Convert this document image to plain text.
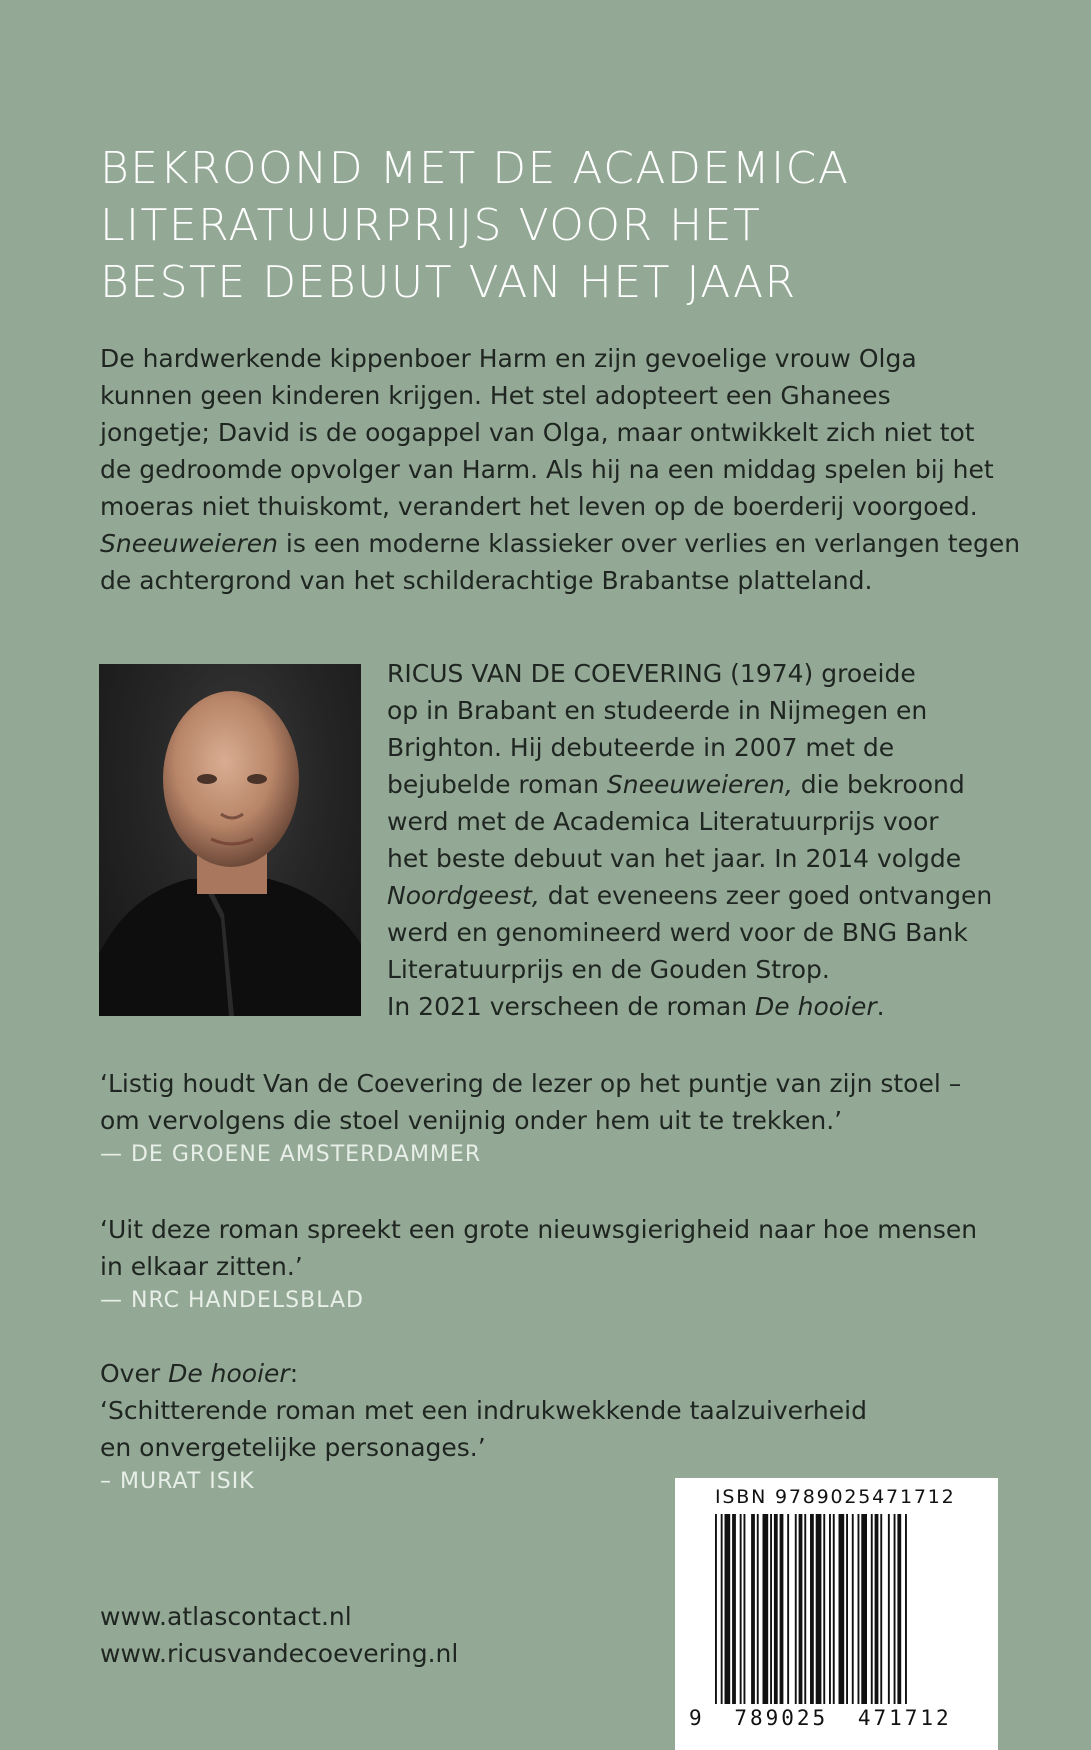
BEKROOND MET DE ACADEMICA
LITERATUURPRIJS VOOR HET
BESTE DEBUUT VAN HET JAAR
De hardwerkende kippenboer Harm en zijn gevoelige vrouw Olga
kunnen geen kinderen krijgen. Het stel adopteert een Ghanees
jongetje; David is de oogappel van Olga, maar ontwikkelt zich niet tot
de gedroomde opvolger van Harm. Als hij na een middag spelen bij het
moeras niet thuiskomt, verandert het leven op de boerderij voorgoed.
Sneeuweieren is een moderne klassieker over verlies en verlangen tegen
de achtergrond van het schilderachtige Brabantse platteland.
RICUS VAN DE COEVERING (1974) groeide
op in Brabant en studeerde in Nijmegen en
Brighton. Hij debuteerde in 2007 met de
bejubelde roman Sneeuweieren, die bekroond
werd met de Academica Literatuurprijs voor
het beste debuut van het jaar. In 2014 volgde
Noordgeest, dat eveneens zeer goed ontvangen
werd en genomineerd werd voor de BNG Bank
Literatuurprijs en de Gouden Strop.
In 2021 verscheen de roman De hooier.
‘Listig houdt Van de Coevering de lezer op het puntje van zijn stoel –
om vervolgens die stoel venijnig onder hem uit te trekken.’
— DE GROENE AMSTERDAMMER
‘Uit deze roman spreekt een grote nieuwsgierigheid naar hoe mensen
in elkaar zitten.’
— NRC HANDELSBLAD
Over De hooier:
‘Schitterende roman met een indrukwekkende taalzuiverheid
en onvergetelijke personages.’
– MURAT ISIK
www.atlascontact.nl
www.ricusvandecoevering.nl
ISBN 9789025471712
9 789025 471712
